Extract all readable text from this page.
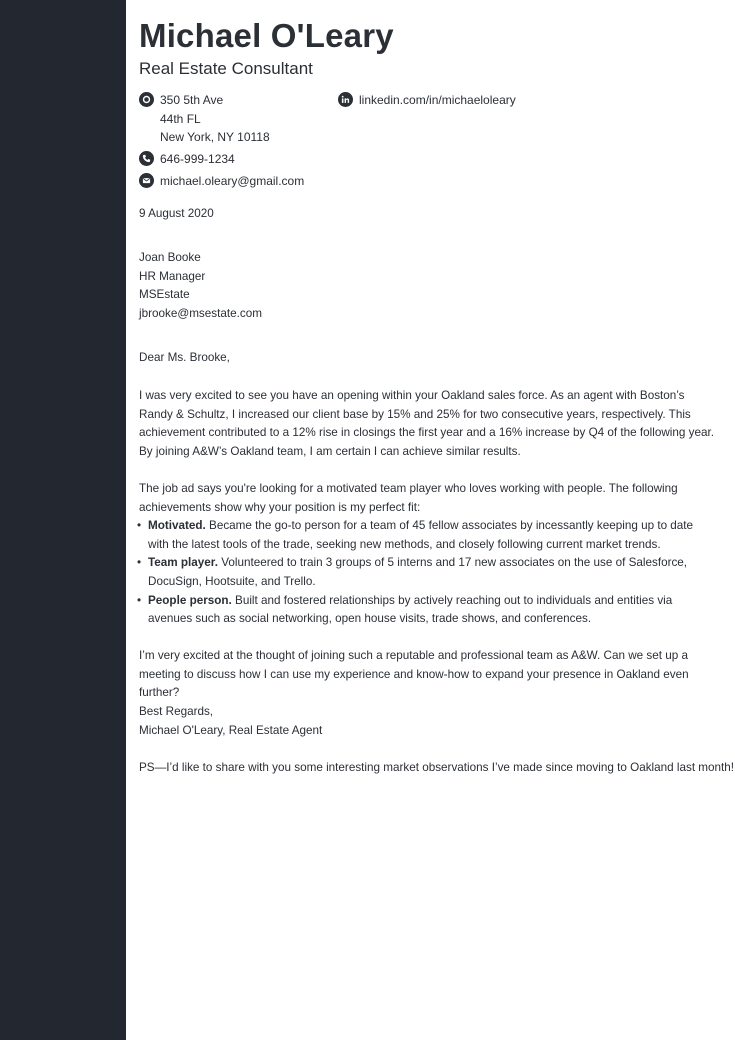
Michael O'Leary
Real Estate Consultant
350 5th Ave
44th FL
New York, NY 10118
linkedin.com/in/michaeloleary
646-999-1234
michael.oleary@gmail.com
9 August 2020
Joan Booke
HR Manager
MSEstate
jbrooke@msestate.com
Dear Ms. Brooke,
I was very excited to see you have an opening within your Oakland sales force. As an agent with Boston’s Randy & Schultz, I increased our client base by 15% and 25% for two consecutive years, respectively. This achievement contributed to a 12% rise in closings the first year and a 16% increase by Q4 of the following year. By joining A&W’s Oakland team, I am certain I can achieve similar results.

The job ad says you're looking for a motivated team player who loves working with people. The following achievements show why your position is my perfect fit:

• Motivated. Became the go-to person for a team of 45 fellow associates by incessantly keeping up to date with the latest tools of the trade, seeking new methods, and closely following current market trends.
• Team player. Volunteered to train 3 groups of 5 interns and 17 new associates on the use of Salesforce, DocuSign, Hootsuite, and Trello.
• People person. Built and fostered relationships by actively reaching out to individuals and entities via avenues such as social networking, open house visits, trade shows, and conferences.
I’m very excited at the thought of joining such a reputable and professional team as A&W. Can we set up a meeting to discuss how I can use my experience and know-how to expand your presence in Oakland even further?
Best Regards,
Michael O'Leary, Real Estate Agent
PS—I’d like to share with you some interesting market observations I’ve made since moving to Oakland last month!
